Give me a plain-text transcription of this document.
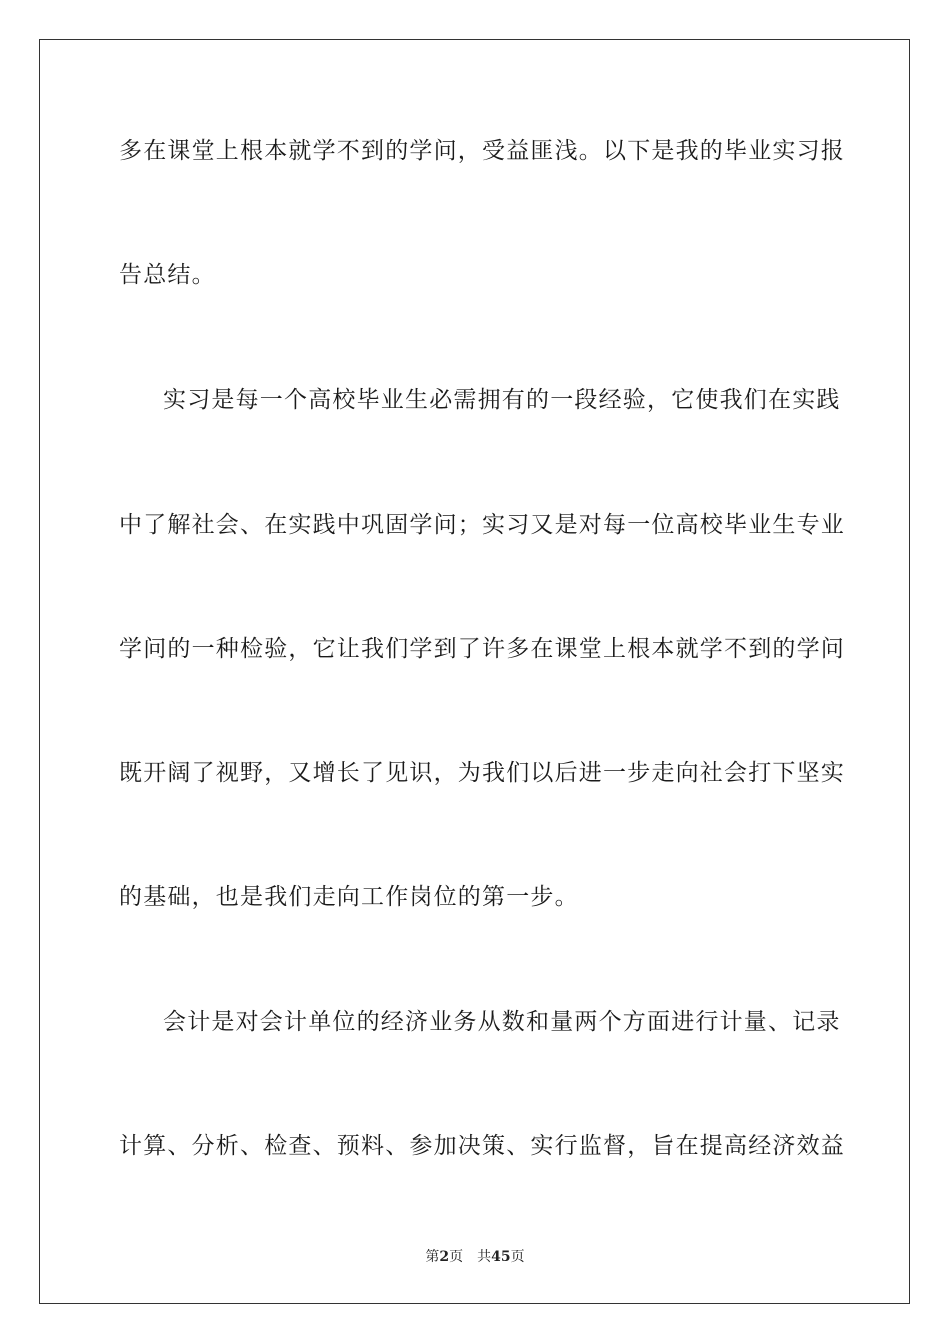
多在课堂上根本就学不到的学问，受益匪浅。以下是我的毕业实习报
告总结。
实习是每一个高校毕业生必需拥有的一段经验，它使我们在实践
中了解社会、在实践中巩固学问；实习又是对每一位高校毕业生专业
学问的一种检验，它让我们学到了许多在课堂上根本就学不到的学问
既开阔了视野，又增长了见识，为我们以后进一步走向社会打下坚实
的基础，也是我们走向工作岗位的第一步。
会计是对会计单位的经济业务从数和量两个方面进行计量、记录
计算、分析、检查、预料、参加决策、实行监督，旨在提高经济效益
第2页 共45页
